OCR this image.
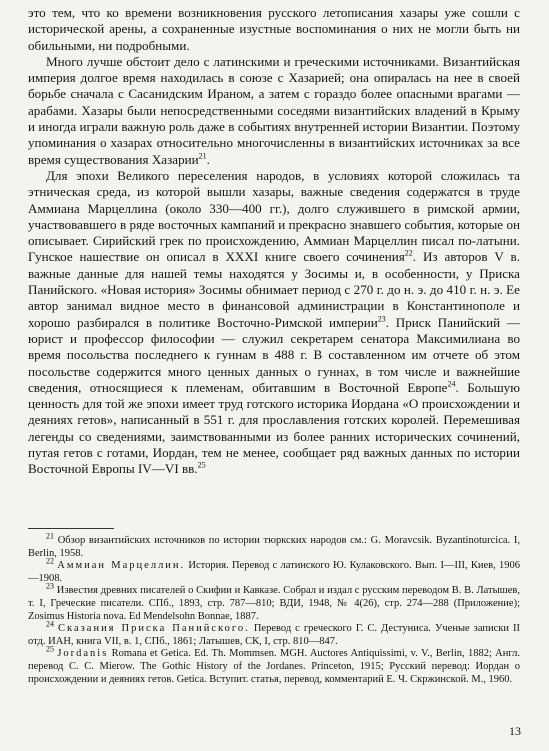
это тем, что ко времени возникновения русского летописания хазары уже сошли с исторической арены, а сохраненные изустные воспоминания о них не могли быть ни обильными, ни подробными.

Много лучше обстоит дело с латинскими и греческими источниками. Византийская империя долгое время находилась в союзе с Хазарией; она опиралась на нее в своей борьбе сначала с Сасанидским Ираном, а затем с гораздо более опасными врагами — арабами. Хазары были непосредственными соседями византийских владений в Крыму и иногда играли важную роль даже в событиях внутренней истории Византии. Поэтому упоминания о хазарах относительно многочисленны в византийских источниках за все время существования Хазарии$^{21}$.

Для эпохи Великого переселения народов, в условиях которой сложилась та этническая среда, из которой вышли хазары, важные сведения содержатся в труде Аммиана Марцеллина (около 330—400 гг.), долго служившего в римской армии, участвовавшего в ряде восточных кампаний и прекрасно знавшего события, которые он описывает. Сирийский грек по происхождению, Аммиан Марцеллин писал по-латыни. Гунское нашествие он описал в XXXI книге своего сочинения$^{22}$. Из авторов V в. важные данные для нашей темы находятся у Зосимы и, в особенности, у Приска Панийского. «Новая история» Зосимы обнимает период с 270 г. до н. э. до 410 г. н. э. Ее автор занимал видное место в финансовой администрации в Константинополе и хорошо разбирался в политике Восточно-Римской империи$^{23}$. Приск Панийский — юрист и профессор философии — служил секретарем сенатора Максимилиана во время посольства последнего к гуннам в 488 г. В составленном им отчете об этом посольстве содержится много ценных данных о гуннах, в том числе и важнейшие сведения, относящиеся к племенам, обитавшим в Восточной Европе$^{24}$. Большую ценность для той же эпохи имеет труд готского историка Иордана «О происхождении и деяниях гетов», написанный в 551 г. для прославления готских королей. Перемешивая легенды со сведениями, заимствованными из более ранних исторических сочинений, путая гетов с готами, Иордан, тем не менее, сообщает ряд важных данных по истории Восточной Европы IV—VI вв.$^{25}$

$^{21}$ Обзор византийских источников по истории тюркских народов см.: G. Moravcsik. Byzantinoturcica. I, Berlin, 1958.

$^{22}$ Аммиан Марцеллин. История. Перевод с латинского Ю. Кулаковского. Вып. I—III, Киев, 1906—1908.

$^{23}$ Известия древних писателей о Скифии и Кавказе. Собрал и издал с русским переводом В. В. Латышев, т. I, Греческие писатели. СПб., 1893, стр. 787—810; ВДИ, 1948, № 4(26), стр. 274—288 (Приложение); Zosimus Historia nova. Ed Mendelsohn Bonnae, 1887.

$^{24}$ Сказания Приска Панийского. Перевод с греческого Г. С. Дестуниса. Ученые записки II отд. ИАН, книга VII, в. 1, СПб., 1861; Латышев, СК, I, стр. 810—847.

$^{25}$ Jordanis Romana et Getica. Ed. Th. Mommsen. MGH. Auctores Antiquissimi, v. V., Berlin, 1882; Англ. перевод С. С. Mierow. The Gothic History of the Jordanes. Princeton, 1915; Русский перевод: Иордан о происхождении и деяниях гетов. Getica. Вступит. статья, перевод, комментарий Е. Ч. Скржинской. М., 1960.

13
